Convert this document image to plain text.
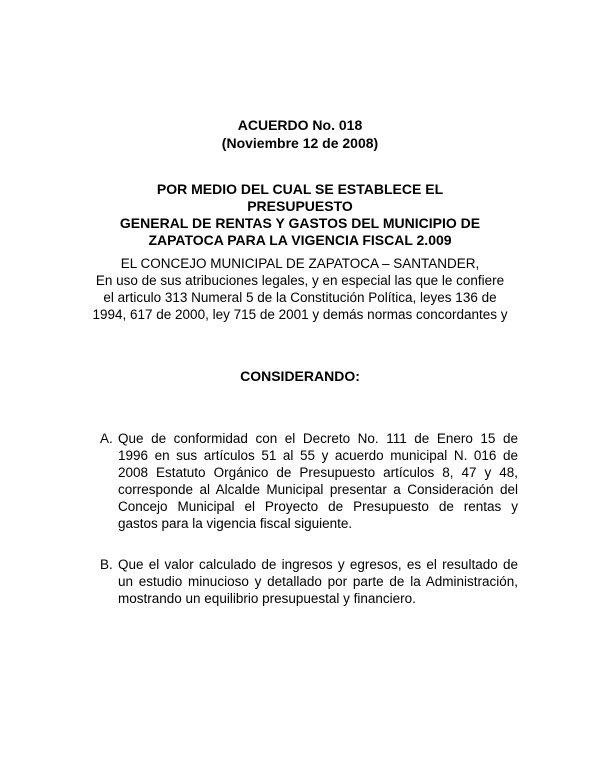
ACUERDO No. 018
(Noviembre 12 de 2008)
POR MEDIO DEL CUAL SE ESTABLECE EL PRESUPUESTO
GENERAL DE RENTAS Y GASTOS DEL MUNICIPIO DE
ZAPATOCA PARA LA VIGENCIA FISCAL 2.009
EL CONCEJO MUNICIPAL DE ZAPATOCA – SANTANDER,
En uso de sus atribuciones legales, y en especial las que le confiere
el articulo 313 Numeral 5 de la Constitución Política, leyes 136 de
1994, 617 de 2000, ley 715 de 2001 y demás normas concordantes y
CONSIDERANDO:
A. Que de conformidad con el Decreto No. 111 de Enero 15 de
1996 en sus artículos 51 al 55 y acuerdo municipal N. 016 de
2008 Estatuto Orgánico de Presupuesto artículos 8, 47 y 48,
corresponde al Alcalde Municipal presentar a Consideración del
Concejo Municipal el Proyecto de Presupuesto de rentas y
gastos para la vigencia fiscal siguiente.
B. Que el valor calculado de ingresos y egresos, es el resultado de
un estudio minucioso y detallado por parte de la Administración,
mostrando un equilibrio presupuestal y financiero.
